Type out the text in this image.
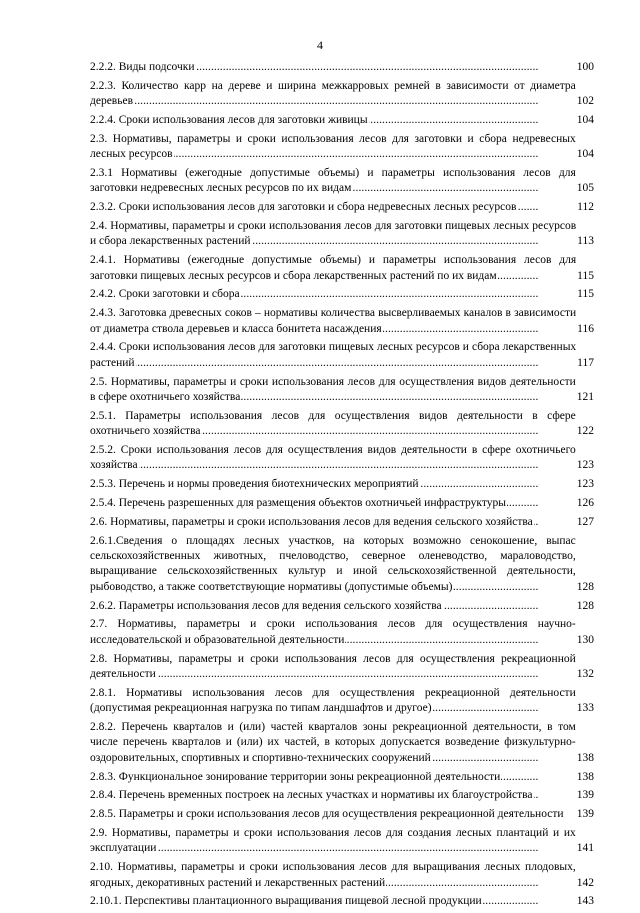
4
2.2.2. Виды подсочки
. . .	100
2.2.3. Количество карр на дереве и ширина межкарровых ремней в зависимости от диаметра деревьев
. . .	102
2.2.4. Сроки использования лесов для заготовки живицы
. . .	104
2.3. Нормативы, параметры и сроки использования лесов для заготовки и сбора недревесных лесных ресурсов
. . .	104
2.3.1 Нормативы (ежегодные допустимые объемы) и параметры использования лесов для заготовки недревесных лесных ресурсов по их видам
. . .	105
2.3.2. Сроки использования лесов для заготовки и сбора недревесных лесных ресурсов
. . .	112
2.4. Нормативы, параметры и сроки использования лесов для заготовки пищевых лесных ресурсов и сбора лекарственных растений
. . .	113
2.4.1. Нормативы (ежегодные допустимые объемы) и параметры использования лесов для заготовки пищевых лесных ресурсов и сбора лекарственных растений по их видам
. . .	115
2.4.2. Сроки заготовки и сбора
. . .	115
2.4.3. Заготовка древесных соков – нормативы количества высверливаемых каналов в зависимости от диаметра ствола деревьев и класса бонитета насаждения
. . .	116
2.4.4. Сроки использования лесов для заготовки пищевых лесных ресурсов и сбора лекарственных растений
. . .	117
2.5. Нормативы, параметры и сроки использования лесов для осуществления видов деятельности в сфере охотничьего хозяйства
. . .	121
2.5.1. Параметры использования лесов для осуществления видов деятельности в сфере охотничьего хозяйства
. . .	122
2.5.2. Сроки использования лесов для осуществления видов деятельности в сфере охотничьего хозяйства
. . .	123
2.5.3. Перечень и нормы проведения биотехнических мероприятий
. . .	123
2.5.4. Перечень разрешенных для размещения объектов охотничьей инфраструктуры
. . .	126
2.6. Нормативы, параметры и сроки использования лесов для ведения сельского хозяйства
. . .	127
2.6.1.Сведения о площадях лесных участков, на которых возможно сенокошение, выпас сельскохозяйственных животных, пчеловодство, северное оленеводство, мараловодство, выращивание сельскохозяйственных культур и иной сельскохозяйственной деятельности, рыбоводство, а также соответствующие нормативы (допустимые объемы)
. . .	128
2.6.2. Параметры использования лесов для ведения сельского хозяйства
. . .	128
2.7. Нормативы, параметры и сроки использования лесов для осуществления научно-исследовательской и образовательной деятельности
. . .	130
2.8. Нормативы, параметры и сроки использования лесов для осуществления рекреационной деятельности
. . .	132
2.8.1. Нормативы использования лесов для осуществления рекреационной деятельности (допустимая рекреационная нагрузка по типам ландшафтов и другое)
. . .	133
2.8.2. Перечень кварталов и (или) частей кварталов зоны рекреационной деятельности, в том числе перечень кварталов и (или) их частей, в которых допускается возведение физкультурно-оздоровительных, спортивных и спортивно-технических сооружений
. . .	138
2.8.3. Функциональное зонирование территории зоны рекреационной деятельности
. . .	138
2.8.4. Перечень временных построек на лесных участках и нормативы их благоустройства
. . .	139
2.8.5. Параметры и сроки использования лесов для осуществления рекреационной деятельности
. . .	139
2.9. Нормативы, параметры и сроки использования лесов для создания лесных плантаций и их эксплуатации
. . .	141
2.10. Нормативы, параметры и сроки использования лесов для выращивания лесных плодовых, ягодных, декоративных растений и лекарственных растений
. . .	142
2.10.1. Перспективы плантационного выращивания пищевой лесной продукции
. . .	143
